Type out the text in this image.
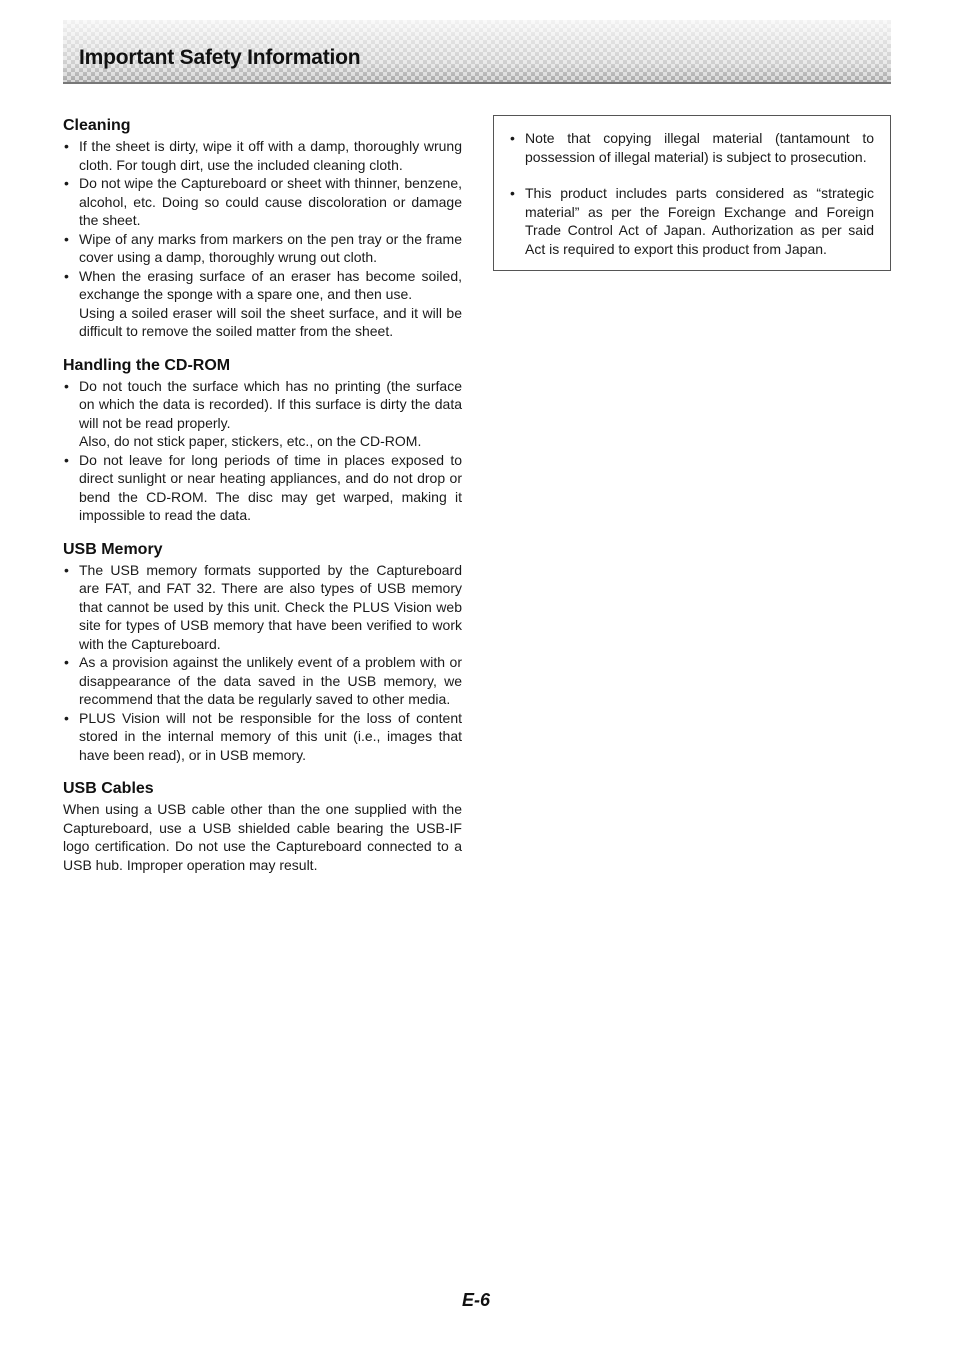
Important Safety Information
Cleaning

• If the sheet is dirty, wipe it off with a damp, thoroughly wrung cloth. For tough dirt, use the included cleaning cloth.

• Do not wipe the Captureboard or sheet with thinner, benzene, alcohol, etc. Doing so could cause discoloration or damage the sheet.

• Wipe of any marks from markers on the pen tray or the frame cover using a damp, thoroughly wrung out cloth.

• When the erasing surface of an eraser has become soiled, exchange the sponge with a spare one, and then use.

Using a soiled eraser will soil the sheet surface, and it will be difficult to remove the soiled matter from the sheet.

Handling the CD-ROM

• Do not touch the surface which has no printing (the surface on which the data is recorded). If this surface is dirty the data will not be read properly.

Also, do not stick paper, stickers, etc., on the CD-ROM.

• Do not leave for long periods of time in places exposed to direct sunlight or near heating appliances, and do not drop or bend the CD-ROM. The disc may get warped, making it impossible to read the data.

USB Memory

• The USB memory formats supported by the Captureboard are FAT, and FAT 32. There are also types of USB memory that cannot be used by this unit. Check the PLUS Vision web site for types of USB memory that have been verified to work with the Captureboard.

• As a provision against the unlikely event of a problem with or disappearance of the data saved in the USB memory, we recommend that the data be regularly saved to other media.

• PLUS Vision will not be responsible for the loss of content stored in the internal memory of this unit (i.e., images that have been read), or in USB memory.

USB Cables

When using a USB cable other than the one supplied with the Captureboard, use a USB shielded cable bearing the USB-IF logo certification. Do not use the Captureboard connected to a USB hub. Improper operation may result.

• Note that copying illegal material (tantamount to possession of illegal material) is subject to prosecution.

• This product includes parts considered as “strategic material” as per the Foreign Exchange and Foreign Trade Control Act of Japan. Authorization as per said Act is required to export this product from Japan.

E-6
